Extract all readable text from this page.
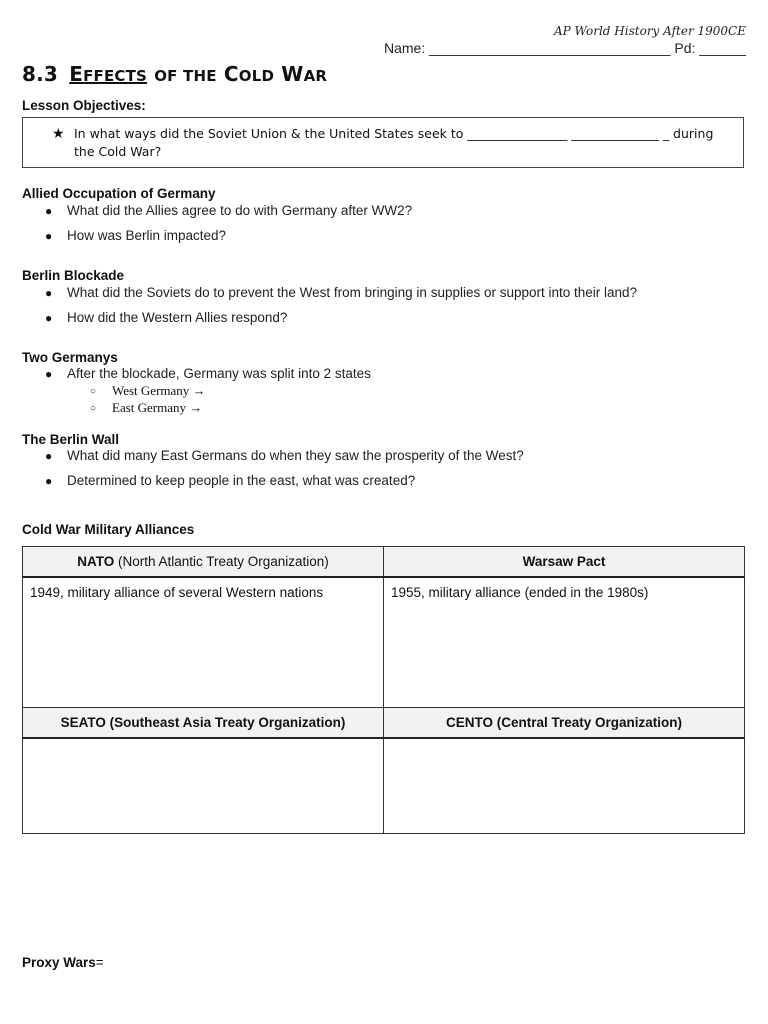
AP World History After 1900CE
Name: _______________________________ Pd: ______
8.3 EFFECTS OF THE COLD WAR
Lesson Objectives:
★ In what ways did the Soviet Union & the United States seek to ________________ ______________ _ during the Cold War?
Allied Occupation of Germany
● What did the Allies agree to do with Germany after WW2?
● How was Berlin impacted?
Berlin Blockade
● What did the Soviets do to prevent the West from bringing in supplies or support into their land?
● How did the Western Allies respond?
Two Germanys
● After the blockade, Germany was split into 2 states
○ West Germany →
○ East Germany →
The Berlin Wall
● What did many East Germans do when they saw the prosperity of the West?
● Determined to keep people in the east, what was created?
Cold War Military Alliances
NATO (North Atlantic Treaty Organization)	Warsaw Pact

1949, military alliance of several Western nations	1955, military alliance (ended in the 1980s)

SEATO (Southeast Asia Treaty Organization)	CENTO (Central Treaty Organization)

Proxy Wars=
